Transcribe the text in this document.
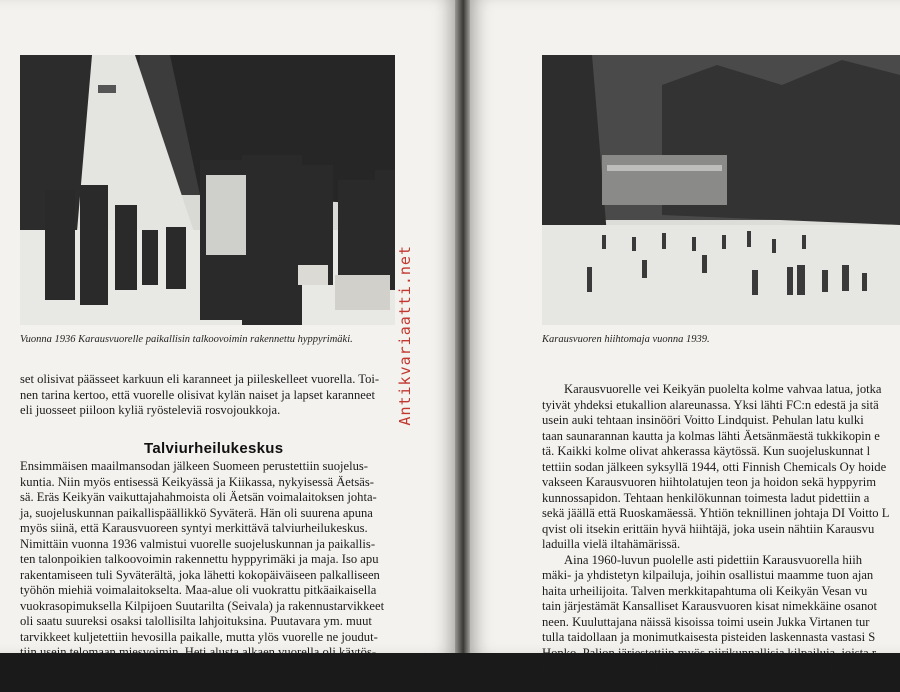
Vuonna 1936 Karausvuorelle paikallisin talkoovoimin rakennettu hyppyrimäki.
set olisivat päässeet karkuun eli karanneet ja piileskelleet vuorella. Toi-
nen tarina kertoo, että vuorelle olisivat kylän naiset ja lapset karanneet
eli juosseet piiloon kyliä ryösteleviä rosvojoukkoja.
Talviurheilukeskus
Ensimmäisen maailmansodan jälkeen Suomeen perustettiin suojelus-
kuntia. Niin myös entisessä Keikyässä ja Kiikassa, nykyisessä Äetsäs-
sä. Eräs Keikyän vaikuttajahahmoista oli Äetsän voimalaitoksen johta-
ja, suojeluskunnan paikallispäällikkö Syväterä. Hän oli suurena apuna
myös siinä, että Karausvuoreen syntyi merkittävä talviurheilukeskus.
Nimittäin vuonna 1936 valmistui vuorelle suojeluskunnan ja paikallis-
ten talonpoikien talkoovoimin rakennettu hyppyrimäki ja maja. Iso apu
rakentamiseen tuli Syväterältä, joka lähetti kokopäiväiseen palkalliseen
työhön miehiä voimalaitokselta. Maa-alue oli vuokrattu pitkäaikaisella
vuokrasopimuksella Kilpijoen Suutarilta (Seivala) ja rakennustarvikkeet
oli saatu suureksi osaksi talollisilta lahjoituksina. Puutavara ym. muut
tarvikkeet kuljetettiin hevosilla paikalle, mutta ylös vuorelle ne joudut-
tiin usein telomaan miesvoimin. Heti alusta alkaen vuorella oli käytös-
Antikvariaatti.net	Karausvuoren hiihtomaja vuonna 1939.
Karausvuorelle vei Keikyän puolelta kolme vahvaa latua, jotka
tyivät yhdeksi etukallion alareunassa. Yksi lähti FC:n edestä ja sitä
usein auki tehtaan insinööri Voitto Lindquist. Pehulan latu kulki
taan saunarannan kautta ja kolmas lähti Äetsänmäestä tukkikopin e
tä. Kaikki kolme olivat ahkerassa käytössä. Kun suojeluskunnat l
tettiin sodan jälkeen syksyllä 1944, otti Finnish Chemicals Oy hoide
vakseen Karausvuoren hiihtolatujen teon ja hoidon sekä hyppyrim
kunnossapidon. Tehtaan henkilökunnan toimesta ladut pidettiin a
sekä jäällä että Ruoskamäessä. Yhtiön teknillinen johtaja DI Voitto L
qvist oli itsekin erittäin hyvä hiihtäjä, joka usein nähtiin Karausvu
laduilla vielä iltahämärissä.
Aina 1960-luvun puolelle asti pidettiin Karausvuorella hiih
mäki- ja yhdistetyn kilpailuja, joihin osallistui maamme tuon ajan
haita urheilijoita. Talven merkkitapahtuma oli Keikyän Vesan vu
tain järjestämät Kansalliset Karausvuoren kisat nimekkäine osanot
neen. Kuuluttajana näissä kisoissa toimi usein Jukka Virtanen tur
tulla taidollaan ja monimutkaisesta pisteiden laskennasta vastasi S
Honko. Paljon järjestettiin myös piirikunnallisia kilpailuja, joista r
nittakoon mm. Keikyän Yrityksen jokavuotiset Marianpäivän kisat. K
luttamosta kuultiin monesti Kaiku Honkakiven ääni. Luonnollisest
